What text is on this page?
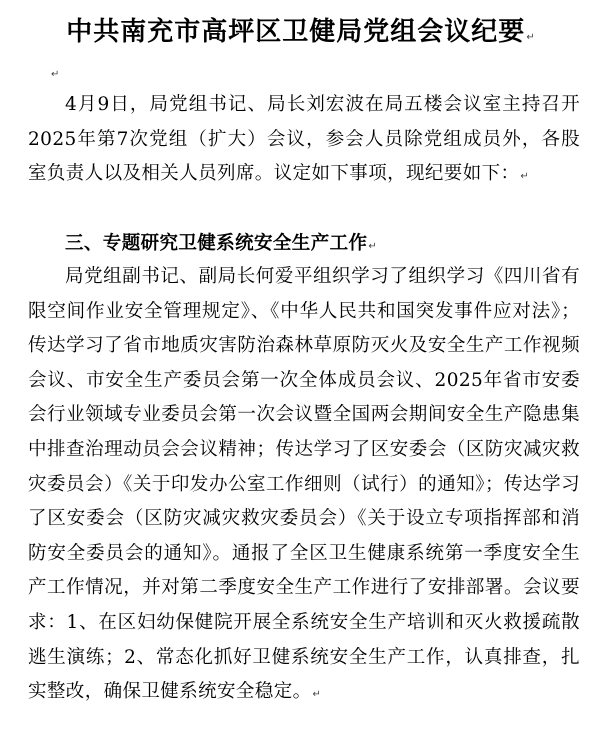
中共南充市高坪区卫健局党组会议纪要↵
↵

4月9日，局党组书记、局长刘宏波在局五楼会议室主持召开2025年第7次党组（扩大）会议，参会人员除党组成员外，各股室负责人以及相关人员列席。议定如下事项，现纪要如下：↵

三、专题研究卫健系统安全生产工作↵

局党组副书记、副局长何爱平组织学习了组织学习《四川省有限空间作业安全管理规定》、《中华人民共和国突发事件应对法》；传达学习了省市地质灾害防治森林草原防灭火及安全生产工作视频会议、市安全生产委员会第一次全体成员会议、2025年省市安委会行业领域专业委员会第一次会议暨全国两会期间安全生产隐患集中排查治理动员会会议精神；传达学习了区安委会（区防灾减灾救灾委员会）《关于印发办公室工作细则（试行）的通知》；传达学习了区安委会（区防灾减灾救灾委员会）《关于设立专项指挥部和消防安全委员会的通知》。通报了全区卫生健康系统第一季度安全生产工作情况，并对第二季度安全生产工作进行了安排部署。会议要求：1、在区妇幼保健院开展全系统安全生产培训和灭火救援疏散逃生演练；2、常态化抓好卫健系统安全生产工作，认真排查，扎实整改，确保卫健系统安全稳定。↵
